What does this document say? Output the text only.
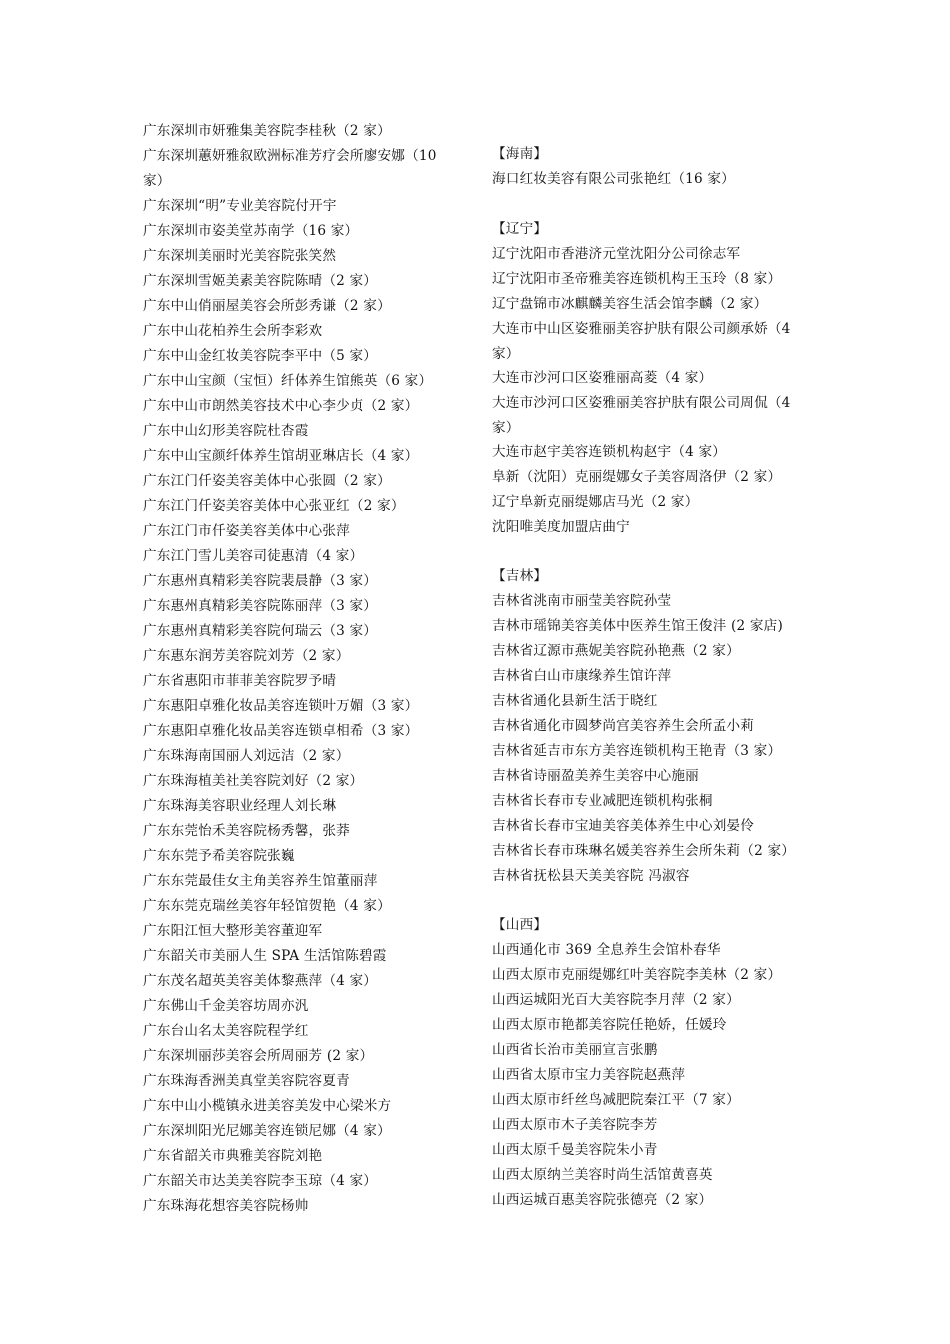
广东深圳市妍雅集美容院李桂秋（2 家）
广东深圳蕙妍雅叙欧洲标准芳疗会所廖安娜（10 家）
广东深圳“明”专业美容院付开宇
广东深圳市姿美堂苏南学（16 家）
广东深圳美丽时光美容院张笑然
广东深圳雪姬美素美容院陈晴（2 家）
广东中山俏丽屋美容会所彭秀谦（2 家）
广东中山花柏养生会所李彩欢
广东中山金红妆美容院李平中（5 家）
广东中山宝颜（宝恒）纤体养生馆熊英（6 家）
广东中山市朗然美容技术中心李少贞（2 家）
广东中山幻形美容院杜杏霞
广东中山宝颜纤体养生馆胡亚琳店长（4 家）
广东江门仟姿美容美体中心张圆（2 家）
广东江门仟姿美容美体中心张亚红（2 家）
广东江门市仟姿美容美体中心张萍
广东江门雪儿美容司徒惠清（4 家）
广东惠州真精彩美容院裴晨静（3 家）
广东惠州真精彩美容院陈丽萍（3 家）
广东惠州真精彩美容院何瑞云（3 家）
广东惠东润芳美容院刘芳（2 家）
广东省惠阳市菲菲美容院罗予晴
广东惠阳卓雅化妆品美容连锁叶万媚（3 家）
广东惠阳卓雅化妆品美容连锁卓相希（3 家）
广东珠海南国丽人刘远洁（2 家）
广东珠海植美社美容院刘好（2 家）
广东珠海美容职业经理人刘长琳
广东东莞怡禾美容院杨秀馨，张莽
广东东莞予希美容院张巍
广东东莞最佳女主角美容养生馆董丽萍
广东东莞克瑞丝美容年轻馆贺艳（4 家）
广东阳江恒大整形美容董迎军
广东韶关市美丽人生 SPA 生活馆陈碧霞
广东茂名超英美容美体黎燕萍（4 家）
广东佛山千金美容坊周亦汎
广东台山名太美容院程学红
广东深圳丽莎美容会所周丽芳 (2 家）
广东珠海香洲美真堂美容院容夏青
广东中山小榄镇永进美容美发中心梁米方
广东深圳阳光尼娜美容连锁尼娜（4 家）
广东省韶关市典雅美容院刘艳
广东韶关市达美美容院李玉琼（4 家）
广东珠海花想容美容院杨帅
【海南】
海口红妆美容有限公司张艳红（16 家）
【辽宁】
辽宁沈阳市香港济元堂沈阳分公司徐志军
辽宁沈阳市圣帝雅美容连锁机构王玉玲（8 家）
辽宁盘锦市冰麒麟美容生活会馆李麟（2 家）
大连市中山区姿雅丽美容护肤有限公司颜承娇（4 家）
大连市沙河口区姿雅丽高菱（4 家）
大连市沙河口区姿雅丽美容护肤有限公司周侃（4 家）
大连市赵宇美容连锁机构赵宇（4 家）
阜新（沈阳）克丽缇娜女子美容周洛伊（2 家）
辽宁阜新克丽缇娜店马光（2 家）
沈阳唯美度加盟店曲宁
【吉林】
吉林省洮南市丽莹美容院孙莹
吉林市瑶锦美容美体中医养生馆王俊沣 (2 家店)
吉林省辽源市燕妮美容院孙艳燕（2 家）
吉林省白山市康缘养生馆许萍
吉林省通化县新生活于晓红
吉林省通化市圆梦尚宫美容养生会所孟小莉
吉林省延吉市东方美容连锁机构王艳青（3 家）
吉林省诗丽盈美养生美容中心施丽
吉林省长春市专业减肥连锁机构张桐
吉林省长春市宝迪美容美体养生中心刘晏伶
吉林省长春市珠琳名媛美容养生会所朱莉（2 家）
吉林省抚松县天美美容院 冯淑容
【山西】
山西通化市 369 全息养生会馆朴春华
山西太原市克丽缇娜红叶美容院李美林（2 家）
山西运城阳光百大美容院李月萍（2 家）
山西太原市艳都美容院任艳娇，任媛玲
山西省长治市美丽宣言张鹏
山西省太原市宝力美容院赵燕萍
山西太原市纤丝鸟减肥院秦江平（7 家）
山西太原市木子美容院李芳
山西太原千曼美容院朱小青
山西太原纳兰美容时尚生活馆黄喜英
山西运城百惠美容院张德亮（2 家）
